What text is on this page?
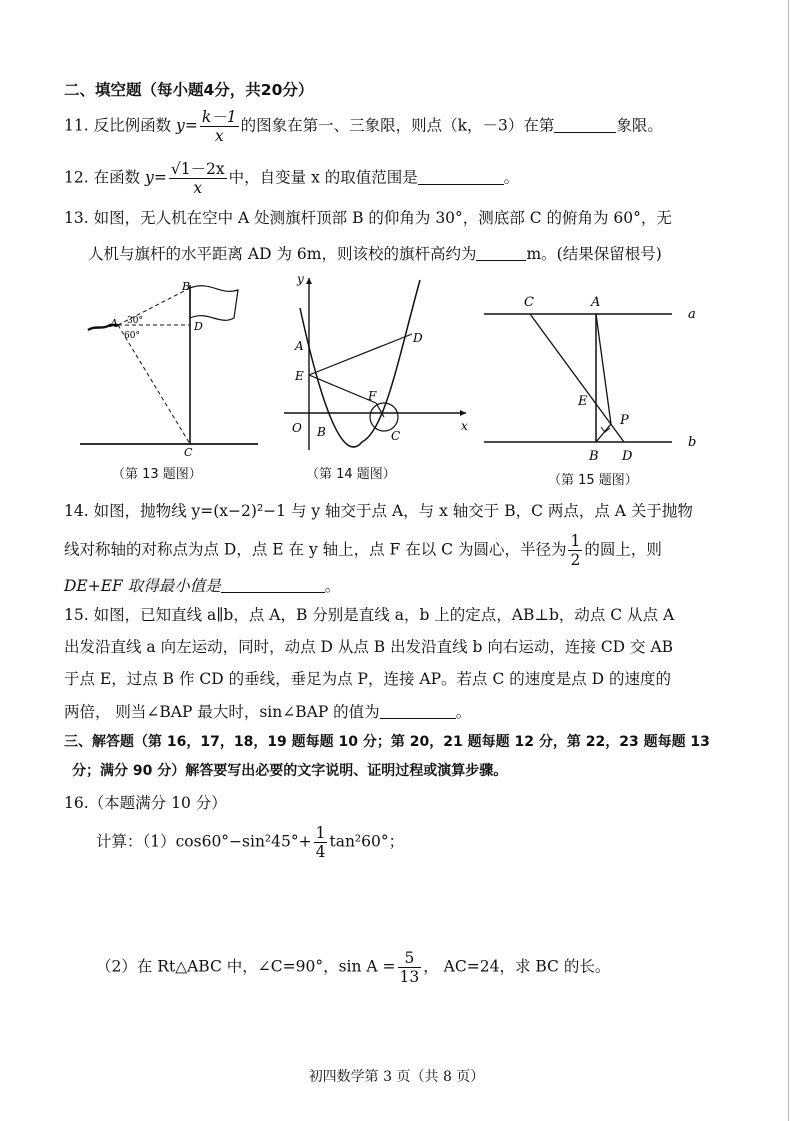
二、填空题（每小题4分，共20分）
11. 反比例函数 $y= \frac{k-1}{x}$ 的图象在第一、三象限，则点（k，－3）在第	象限。
12. 在函数 $y= \frac{√1-2x}{x}$ 中，自变量 x 的取值范围是	。
13. 如图，无人机在空中 A 处测旗杆顶部 B 的仰角为 30°，测底部 C 的俯角为 60°，无
人机与旗杆的水平距离 AD 为 6m，则该校的旗杆高约为	m。(结果保留根号)
B
A	D
C
30°
60°
（第 13 题图）
y
x
O
A
E
B	C
D
F
（第 14 题图）
C	A
a
b
E
P
B D
（第 15 题图）
14. 如图，抛物线 y=(x−2)²−1 与 y 轴交于点 A，与 x 轴交于 B，C 两点，点 A 关于抛物
线对称轴的对称点为点 D，点 E 在 y 轴上，点 F 在以 C 为圆心，半径为 $\frac{1}{2}$ 的圆上，则
DE+EF 取得最小值是	。
15. 如图，已知直线 a∥b，点 A，B 分别是直线 a，b 上的定点，AB⊥b，动点 C 从点 A
出发沿直线 a 向左运动，同时，动点 D 从点 B 出发沿直线 b 向右运动，连接 CD 交 AB
于点 E，过点 B 作 CD 的垂线，垂足为点 P，连接 AP。若点 C 的速度是点 D 的速度的
两倍， 则当∠BAP 最大时，sin∠BAP 的值为	。
三、解答题（第 16，17，18，19 题每题 10 分；第 20，21 题每题 12 分，第 22，23 题每题 13
分；满分 90 分）解答要写出必要的文字说明、证明过程或演算步骤。
16.（本题满分 10 分）
计算：$(1)\cos 60^\circ-\sin^245^\circ+ \frac{1}{4} \tan^260^\circ$；
（2）在 Rt△ABC 中，∠C=90°，$\sin A = \frac{5}{13}$ ， AC=24，求 BC 的长。
初四数学第 3 页（共 8 页）
